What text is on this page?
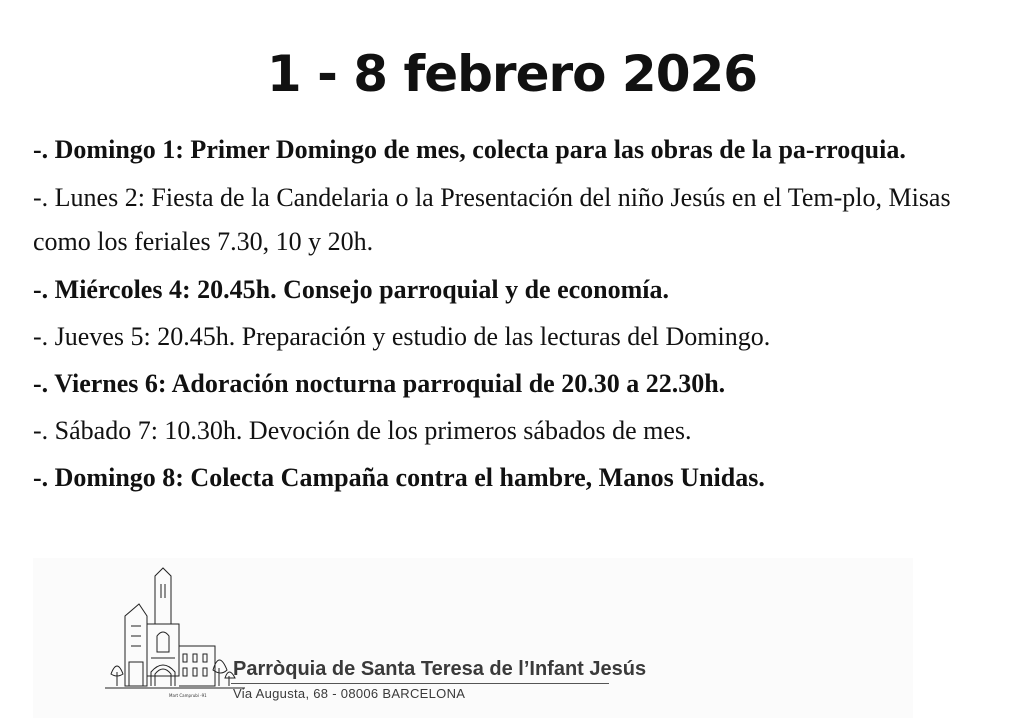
1 - 8 febrero 2026
-. Domingo 1: Primer Domingo de mes, colecta para las obras de la pa-rroquia.
-. Lunes 2: Fiesta de la Candelaria o la Presentación del niño Jesús en el Tem-plo, Misas como los feriales 7.30, 10 y 20h.
-. Miércoles 4: 20.45h. Consejo parroquial y de economía.
-. Jueves 5: 20.45h. Preparación y estudio de las lecturas del Domingo.
-. Viernes 6: Adoración nocturna parroquial de 20.30 a 22.30h.
-. Sábado 7: 10.30h. Devoción de los primeros sábados de mes.
-. Domingo 8: Colecta Campaña contra el hambre, Manos Unidas.
Mart Camprubí -91
Parròquia de Santa Teresa de l’Infant Jesús
Via Augusta, 68 - 08006 BARCELONA
